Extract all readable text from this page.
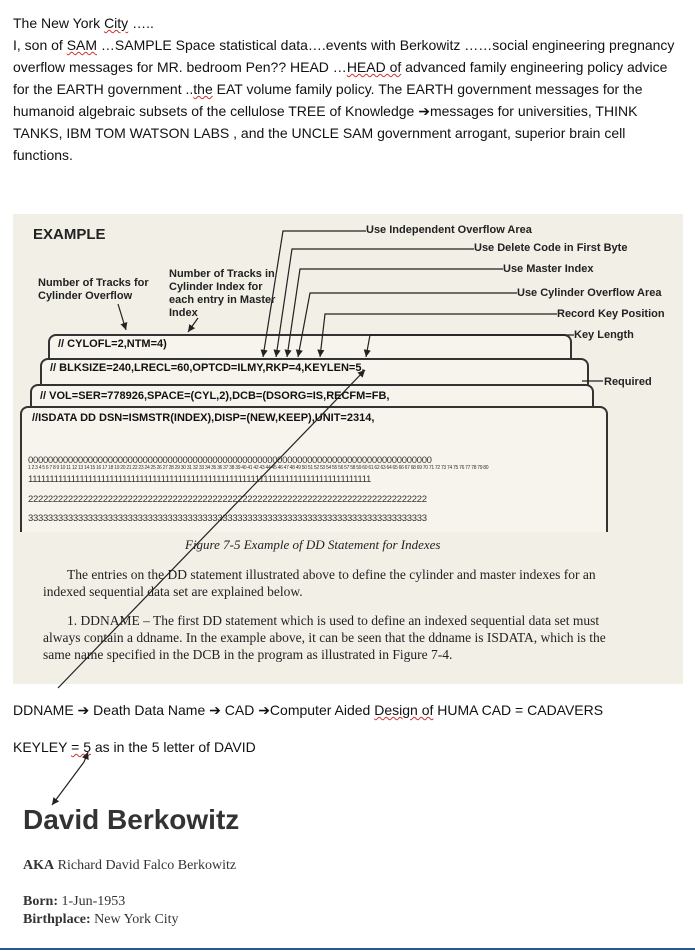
The New York City …..

I, son of SAM …SAMPLE Space statistical data….events with Berkowitz ……social engineering pregnancy overflow messages for MR. bedroom Pen?? HEAD …HEAD of advanced family engineering policy advice for the EARTH government ..the EAT volume family policy. The EARTH government messages for the humanoid algebraic subsets of the cellulose TREE of Knowledge ➔messages for universities, THINK TANKS, IBM TOM WATSON LABS , and the UNCLE SAM government arrogant, superior brain cell functions.

EXAMPLE
Number of Tracks for Cylinder Overflow
Number of Tracks in Cylinder Index for each entry in Master Index
Use Independent Overflow Area
Use Delete Code in First Byte
Use Master Index
Use Cylinder Overflow Area
Record Key Position
Key Length
Required
// CYLOFL=2,NTM=4)
// BLKSIZE=240,LRECL=60,OPTCD=ILMY,RKP=4,KEYLEN=5,
// VOL=SER=778926,SPACE=(CYL,2),DCB=(DSORG=IS,RECFM=FB,
//ISDATA DD DSN=ISMSTR(INDEX),DISP=(NEW,KEEP),UNIT=2314,
000000000000000000000000000000000000000000000000000000000000000000000000000000000
1 2 3 4 5 6 7 8 9 10 11 12 13 14 15 16 17 18 19 20 21 22 23 24 25 26 27 28 29 30 31 32 33 34 35 36 37 38 39 40 41 42 43 44 45 46 47 48 49 50 51 52 53 54 55 56 57 58 59 60 61 62 63 64 65 66 67 68 69 70 71 72 73 74 75 76 77 78 79 80
11111111111111111111111111111111111111111111111111111111111111111111111111111111
22222222222222222222222222222222222222222222222222222222222222222222222222222222
33333333333333333333333333333333333333333333333333333333333333333333333333333333
Figure 7-5 Example of DD Statement for Indexes
The entries on the DD statement illustrated above to define the cylinder and master indexes for an indexed sequential data set are explained below.
1. DDNAME – The first DD statement which is used to define an indexed sequential data set must always contain a ddname. In the example above, it can be seen that the ddname is ISDATA, which is the same name specified in the DCB in the program as illustrated in Figure 7-4.
DDNAME ➔ Death Data Name ➔ CAD ➔Computer Aided Design of HUMA CAD = CADAVERS
KEYLEY = 5 as in the 5 letter of DAVID
David Berkowitz
AKA Richard David Falco Berkowitz
Born: 1-Jun-1953
Birthplace: New York City
